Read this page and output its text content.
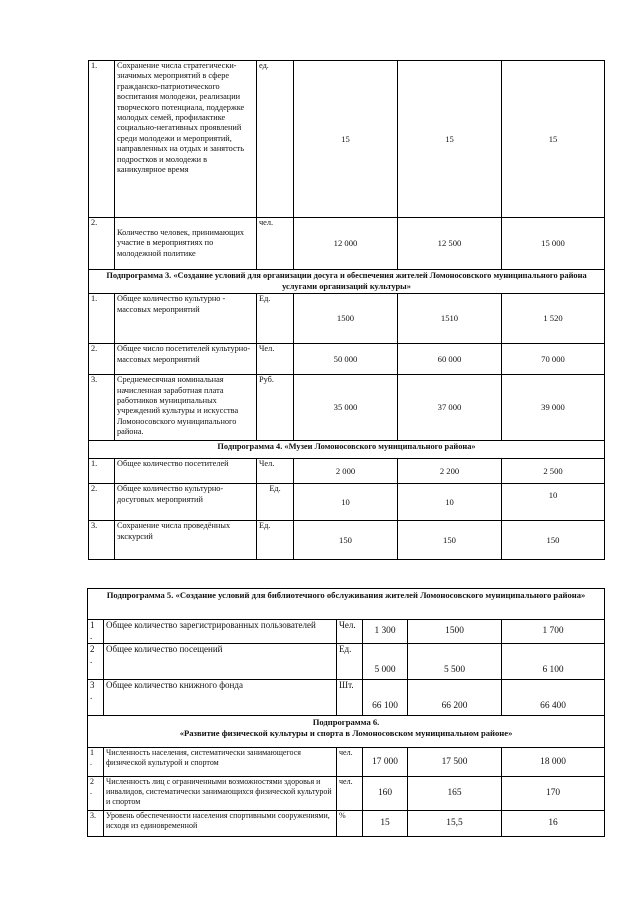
1.	Сохранение числа стратегически-значимых мероприятий в сфере гражданско-патриотического воспитания молодежи, реализации творческого потенциала, поддержке молодых семей, профилактике социально-негативных проявлений среди молодежи и мероприятий, направленных на отдых и занятость подростков и молодежи в каникулярное время	ед.	15	15	15
2.	Количество человек, принимающих участие в мероприятиях по молодежной политике	чел.	12 000	12 500	15 000
Подпрограмма 3. «Создание условий для организации досуга и обеспечения жителей Ломоносовского муниципального района услугами организаций культуры»					
1.	Общее количество культурно - массовых мероприятий	Ед.	1500	1510	1 520
2.	Общее число посетителей культурно-массовых мероприятий	Чел.	50 000	60 000	70 000
3.	Среднемесячная номинальная начисленная заработная плата работников муниципальных учреждений культуры и искусства Ломоносовского муниципального района.	Руб.	35 000	37 000	39 000
Подпрограмма 4. «Музеи Ломоносовского муниципального района»					
1.	Общее количество посетителей	Чел.	2 000	2 200	2 500
2.	Общее количество культурно-досуговых мероприятий	Ед.	10	10	10
3.	Сохранение числа проведённых экскурсий	Ед.	150	150	150
Подпрограмма 5. «Создание условий для библиотечного обслуживания жителей Ломоносовского муниципального района»					
1
.	Общее количество зарегистрированных пользователей	Чел.	1 300	1500	1 700
2
.	Общее количество посещений	Ед.	5 000	5 500	6 100
3
.	Общее количество книжного фонда	Шт.	66 100	66 200	66 400

Подпрограмма 6.
«Развитие физической культуры и спорта в Ломоносовском муниципальном районе»					

1
.	Численность населения, систематически занимающегося физической культурой и спортом	чел.	17 000	17 500	18 000
2
.	Численность лиц с ограниченными возможностями здоровья и инвалидов, систематически занимающихся физической культурой и спортом	чел.	160	165	170
3.	Уровень обеспеченности населения спортивными сооружениями, исходя из единовременной	%	15	15,5	16
